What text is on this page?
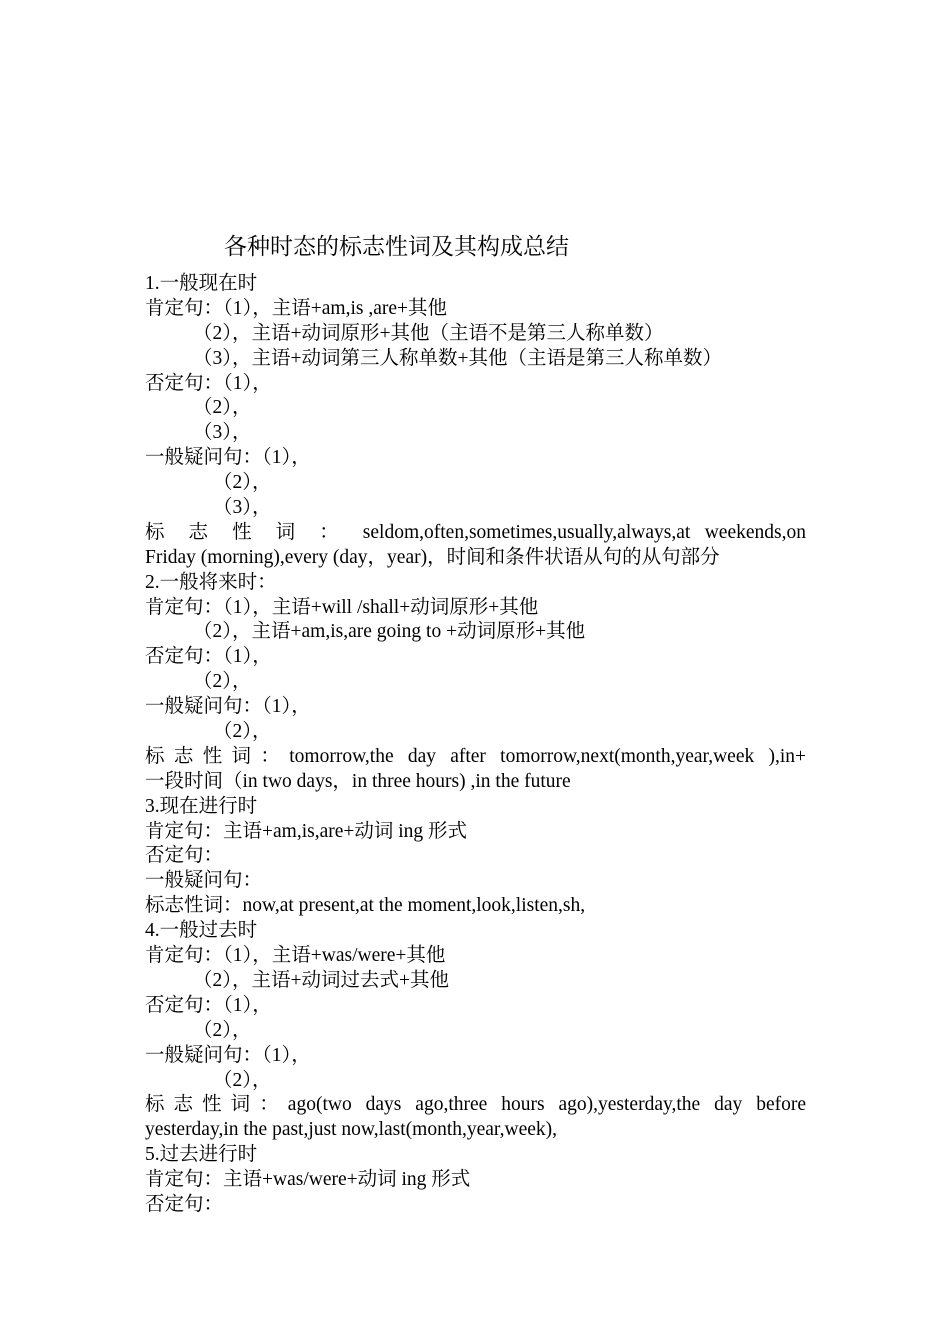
各种时态的标志性词及其构成总结
1.一般现在时
肯定句：（1），主语+am,is ,are+其他
（2），主语+动词原形+其他（主语不是第三人称单数）
（3），主语+动词第三人称单数+其他（主语是第三人称单数）
否定句：（1），
（2），
（3），
一般疑问句：（1），
（2），
（3），
标 志 性 词 ： seldom,often,sometimes,usually,always,at weekends,on
Friday (morning),every (day，year)，时间和条件状语从句的从句部分
2.一般将来时：
肯定句：（1），主语+will /shall+动词原形+其他
（2），主语+am,is,are going to +动词原形+其他
否定句：（1），
（2），
一般疑问句：（1），
（2），
标志性词：tomorrow,the day after tomorrow,next(month,year,week ),in+
一段时间（in two days，in three hours) ,in the future
3.现在进行时
肯定句：主语+am,is,are+动词 ing 形式
否定句：
一般疑问句：
标志性词：now,at present,at the moment,look,listen,sh,
4.一般过去时
肯定句：（1），主语+was/were+其他
（2），主语+动词过去式+其他
否定句：（1），
（2），
一般疑问句：（1），
（2），
标志性词：ago(two days ago,three hours ago),yesterday,the day before
yesterday,in the past,just now,last(month,year,week),
5.过去进行时
肯定句：主语+was/were+动词 ing 形式
否定句：
